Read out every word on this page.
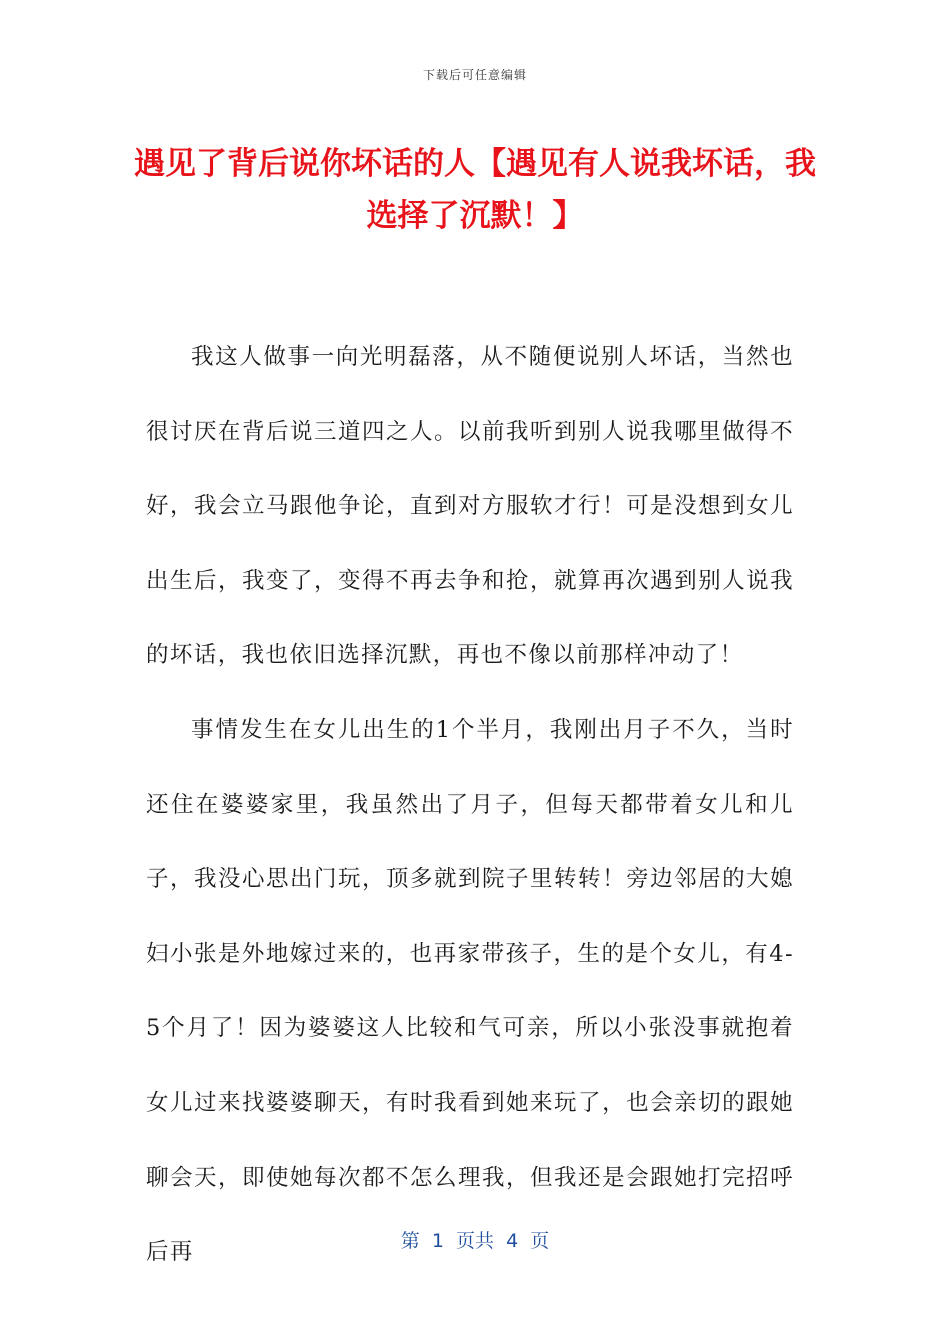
下载后可任意编辑
遇见了背后说你坏话的人【遇见有人说我坏话，我选择了沉默！】

我这人做事一向光明磊落，从不随便说别人坏话，当然也很讨厌在背后说三道四之人。以前我听到别人说我哪里做得不好，我会立马跟他争论，直到对方服软才行！可是没想到女儿出生后，我变了，变得不再去争和抢，就算再次遇到别人说我的坏话，我也依旧选择沉默，再也不像以前那样冲动了！

事情发生在女儿出生的1个半月，我刚出月子不久，当时还住在婆婆家里，我虽然出了月子，但每天都带着女儿和儿子，我没心思出门玩，顶多就到院子里转转！旁边邻居的大媳妇小张是外地嫁过来的，也再家带孩子，生的是个女儿，有4-5个月了！因为婆婆这人比较和气可亲，所以小张没事就抱着女儿过来找婆婆聊天，有时我看到她来玩了，也会亲切的跟她聊会天，即使她每次都不怎么理我，但我还是会跟她打完招呼后再	第  1  页共  4  页
